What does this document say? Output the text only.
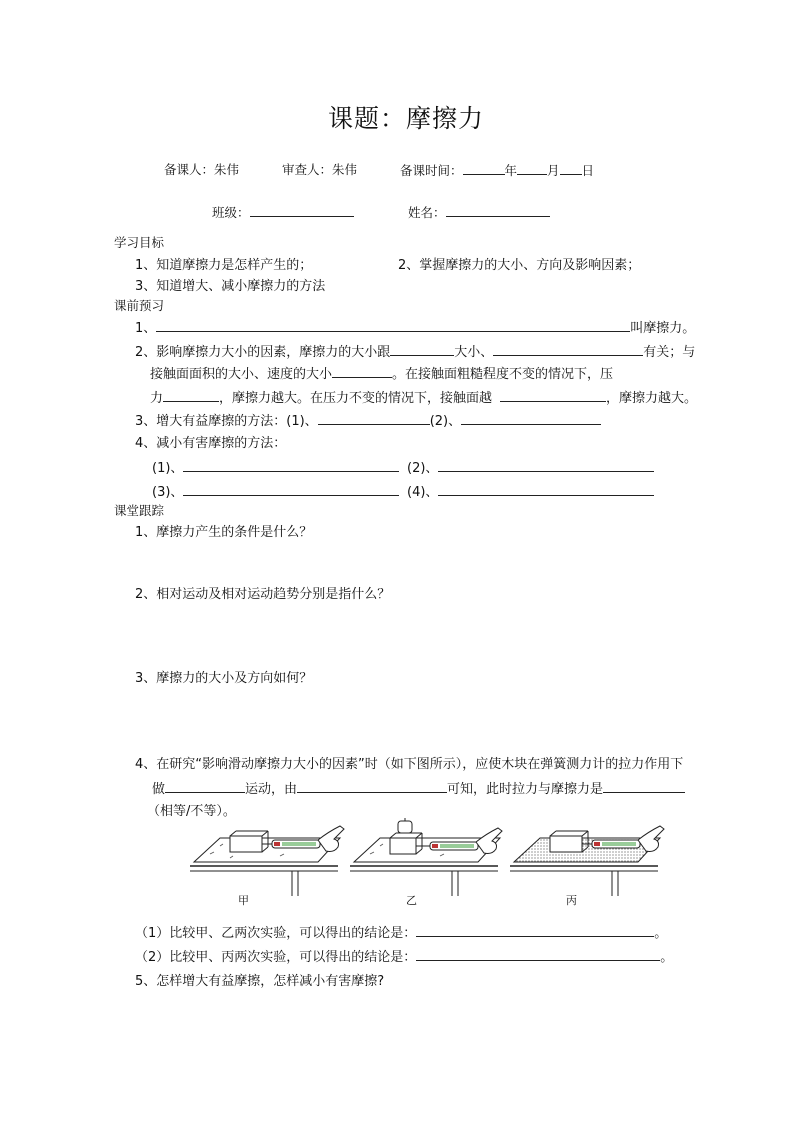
课题：摩擦力
备课人：朱伟	审查人：朱伟	备课时间：	年 月 日
班级：	姓名：
学习目标
1、知道摩擦力是怎样产生的；	2、掌握摩擦力的大小、方向及影响因素；
3、知道增大、减小摩擦力的方法
课前预习
1、	叫摩擦力。
2、影响摩擦力大小的因素，摩擦力的大小跟	大小、	有关；与
接触面面积的大小、速度的大小	。在接触面粗糙程度不变的情况下，压
力	，摩擦力越大。在压力不变的情况下，接触面越	，摩擦力越大。
3、增大有益摩擦的方法：(1)、	(2)、
4、减小有害摩擦的方法：
(1)、	(2)、
(3)、	(4)、
课堂跟踪
1、摩擦力产生的条件是什么？
2、相对运动及相对运动趋势分别是指什么？
3、摩擦力的大小及方向如何？
4、在研究“影响滑动摩擦力大小的因素”时（如下图所示），应使木块在弹簧测力计的拉力作用下
做	运动，由	可知，此时拉力与摩擦力是
（相等/不等）。
甲	乙	丙
（1）比较甲、乙两次实验，可以得出的结论是：	。
（2）比较甲、丙两次实验，可以得出的结论是：	。
5、怎样增大有益摩擦，怎样减小有害摩擦?
